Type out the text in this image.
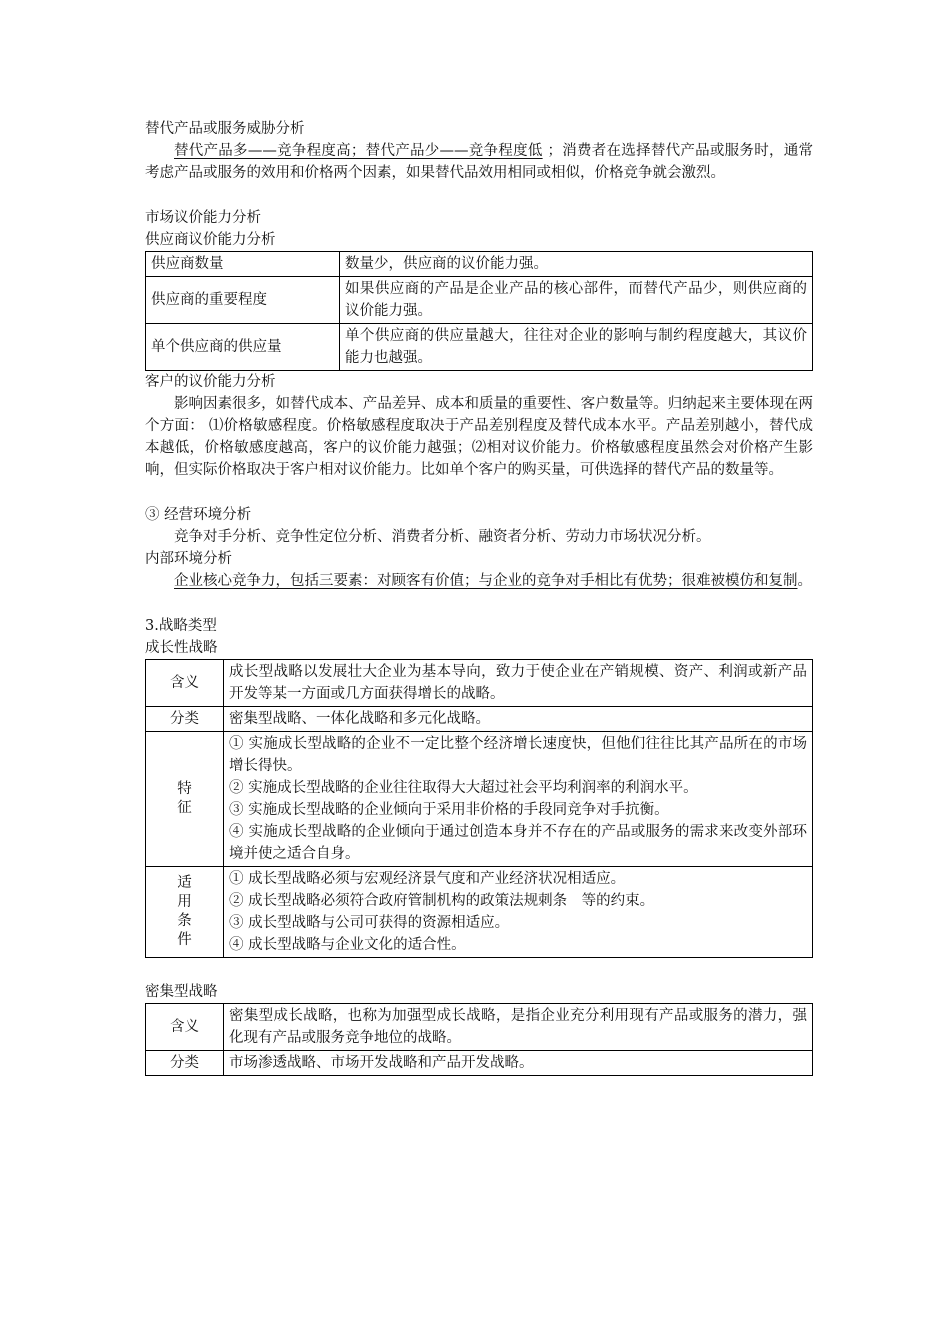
替代产品或服务威胁分析

替代产品多——竞争程度高；替代产品少——竞争程度低 ；消费者在选择替代产品或服务时，通常考虑产品或服务的效用和价格两个因素，如果替代品效用相同或相似，价格竞争就会激烈。

市场议价能力分析

供应商议价能力分析

供应商数量	数量少，供应商的议价能力强。
供应商的重要程度	如果供应商的产品是企业产品的核心部件，而替代产品少，则供应商的议价能力强。
单个供应商的供应量	单个供应商的供应量越大，往往对企业的影响与制约程度越大，其议价能力也越强。

客户的议价能力分析

影响因素很多，如替代成本、产品差异、成本和质量的重要性、客户数量等。归纳起来主要体现在两个方面： ⑴价格敏感程度。价格敏感程度取决于产品差别程度及替代成本水平。产品差别越小，替代成本越低，价格敏感度越高，客户的议价能力越强；⑵相对议价能力。价格敏感程度虽然会对价格产生影响，但实际价格取决于客户相对议价能力。比如单个客户的购买量，可供选择的替代产品的数量等。

③ 经营环境分析

竞争对手分析、竞争性定位分析、消费者分析、融资者分析、劳动力市场状况分析。

内部环境分析

企业核心竞争力，包括三要素：对顾客有价值；与企业的竞争对手相比有优势；很难被模仿和复制。

3.战略类型

成长性战略

含义	成长型战略以发展壮大企业为基本导向，致力于使企业在产销规模、资产、利润或新产品开发等某一方面或几方面获得增长的战略。

分类	密集型战略、一体化战略和多元化战略。

特征	① 实施成长型战略的企业不一定比整个经济增长速度快，但他们往往比其产品所在的市场增长得快。
② 实施成长型战略的企业往往取得大大超过社会平均利润率的利润水平。
③ 实施成长型战略的企业倾向于采用非价格的手段同竞争对手抗衡。
④ 实施成长型战略的企业倾向于通过创造本身并不存在的产品或服务的需求来改变外部环境并使之适合自身。

适用条件	① 成长型战略必须与宏观经济景气度和产业经济状况相适应。
② 成长型战略必须符合政府管制机构的政策法规刺条　等的约束。
③ 成长型战略与公司可获得的资源相适应。
④ 成长型战略与企业文化的适合性。

密集型战略

含义	密集型成长战略，也称为加强型成长战略，是指企业充分利用现有产品或服务的潜力，强化现有产品或服务竞争地位的战略。
分类	市场渗透战略、市场开发战略和产品开发战略。
